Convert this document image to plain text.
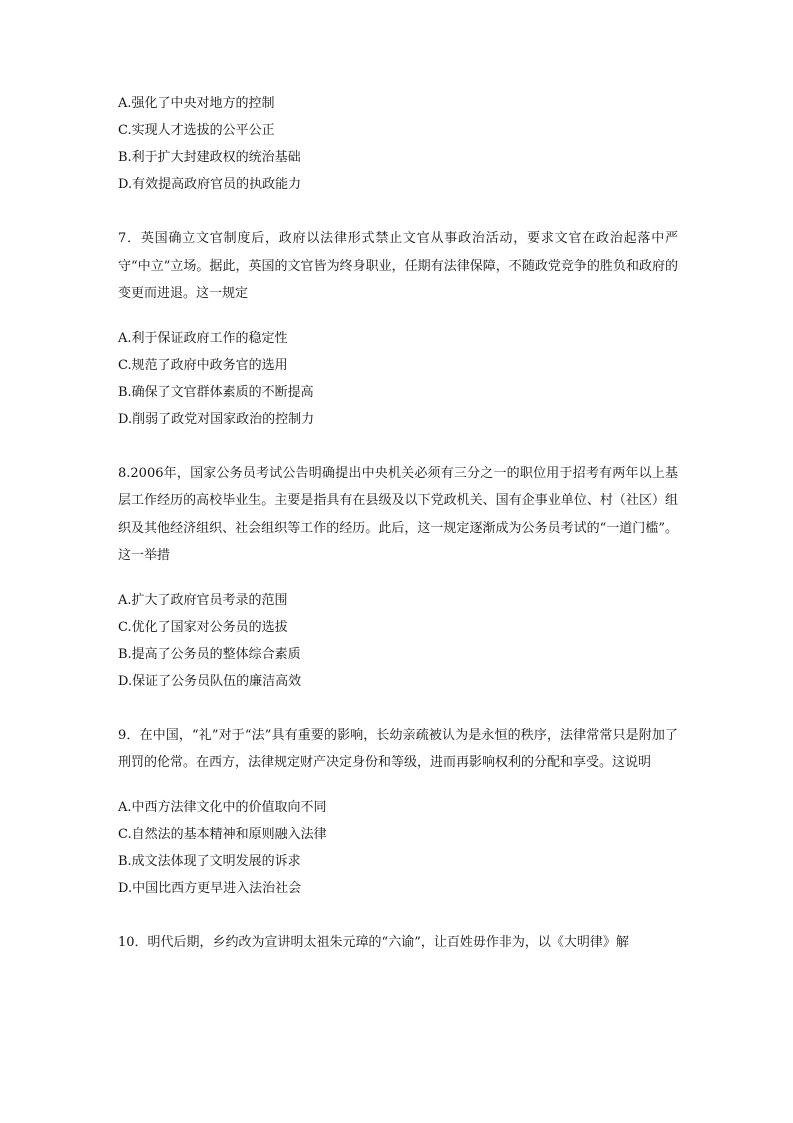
A.强化了中央对地方的控制
C.实现人才选拔的公平公正
B.利于扩大封建政权的统治基础
D.有效提高政府官员的执政能力
7．英国确立文官制度后，政府以法律形式禁止文官从事政治活动，要求文官在政治起落中严守“中立”立场。据此，英国的文官皆为终身职业，任期有法律保障，不随政党竞争的胜负和政府的变更而进退。这一规定
A.利于保证政府工作的稳定性
C.规范了政府中政务官的选用
B.确保了文官群体素质的不断提高
D.削弱了政党对国家政治的控制力
8.2006年，国家公务员考试公告明确提出中央机关必须有三分之一的职位用于招考有两年以上基层工作经历的高校毕业生。主要是指具有在县级及以下党政机关、国有企事业单位、村（社区）组织及其他经济组织、社会组织等工作的经历。此后，这一规定逐渐成为公务员考试的“一道门槛”。这一举措
A.扩大了政府官员考录的范围
C.优化了国家对公务员的选拔
B.提高了公务员的整体综合素质
D.保证了公务员队伍的廉洁高效
9．在中国，“礼”对于“法”具有重要的影响，长幼亲疏被认为是永恒的秩序，法律常常只是附加了刑罚的伦常。在西方，法律规定财产决定身份和等级，进而再影响权利的分配和享受。这说明
A.中西方法律文化中的价值取向不同
C.自然法的基本精神和原则融入法律
B.成文法体现了文明发展的诉求
D.中国比西方更早进入法治社会
10．明代后期，乡约改为宣讲明太祖朱元璋的“六谕”，让百姓毋作非为，以《大明律》解
